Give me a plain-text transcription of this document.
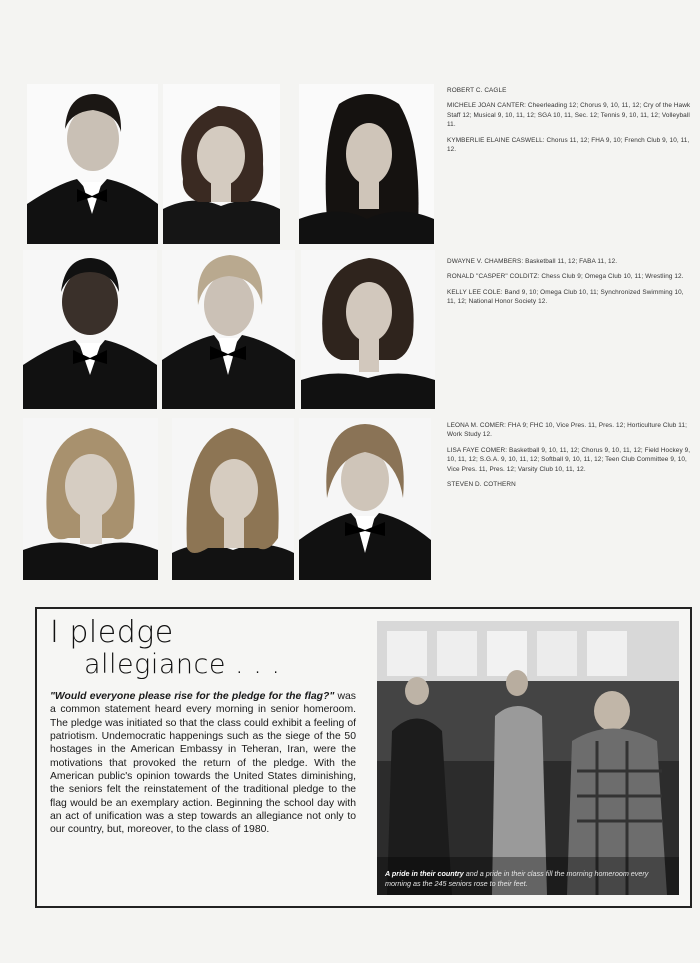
ROBERT C. CAGLE

MICHELE JOAN CANTER: Cheerleading 12; Chorus 9, 10, 11, 12; Cry of the Hawk Staff 12; Musical 9, 10, 11, 12; SGA 10, 11, Sec. 12; Tennis 9, 10, 11, 12; Volleyball 11.

KYMBERLIE ELAINE CASWELL: Chorus 11, 12; FHA 9, 10; French Club 9, 10, 11, 12.

DWAYNE V. CHAMBERS: Basketball 11, 12; FABA 11, 12.

RONALD "CASPER" COLDITZ: Chess Club 9; Omega Club 10, 11; Wrestling 12.

KELLY LEE COLE: Band 9, 10; Omega Club 10, 11; Synchronized Swimming 10, 11, 12; National Honor Society 12.

LEONA M. COMER: FHA 9; FHC 10, Vice Pres. 11, Pres. 12; Horticulture Club 11; Work Study 12.

LISA FAYE COMER: Basketball 9, 10, 11, 12; Chorus 9, 10, 11, 12; Field Hockey 9, 10, 11, 12; S.G.A. 9, 10, 11, 12; Softball 9, 10, 11, 12; Teen Club Committee 9, 10, Vice Pres. 11, Pres. 12; Varsity Club 10, 11, 12.

STEVEN D. COTHERN

I pledge
allegiance . . .
"Would everyone please rise for the pledge for the flag?" was a common statement heard every morning in senior homeroom. The pledge was initiated so that the class could exhibit a feeling of patriotism. Undemocratic happenings such as the siege of the 50 hostages in the American Embassy in Teheran, Iran, were the motivations that provoked the return of the pledge. With the American public's opinion towards the United States diminishing, the seniors felt the reinstatement of the traditional pledge to the flag would be an exemplary action. Beginning the school day with an act of unification was a step towards an allegiance not only to our country, but, moreover, to the class of 1980.
A pride in their country and a pride in their class fill the morning homeroom every morning as the 245 seniors rose to their feet.
